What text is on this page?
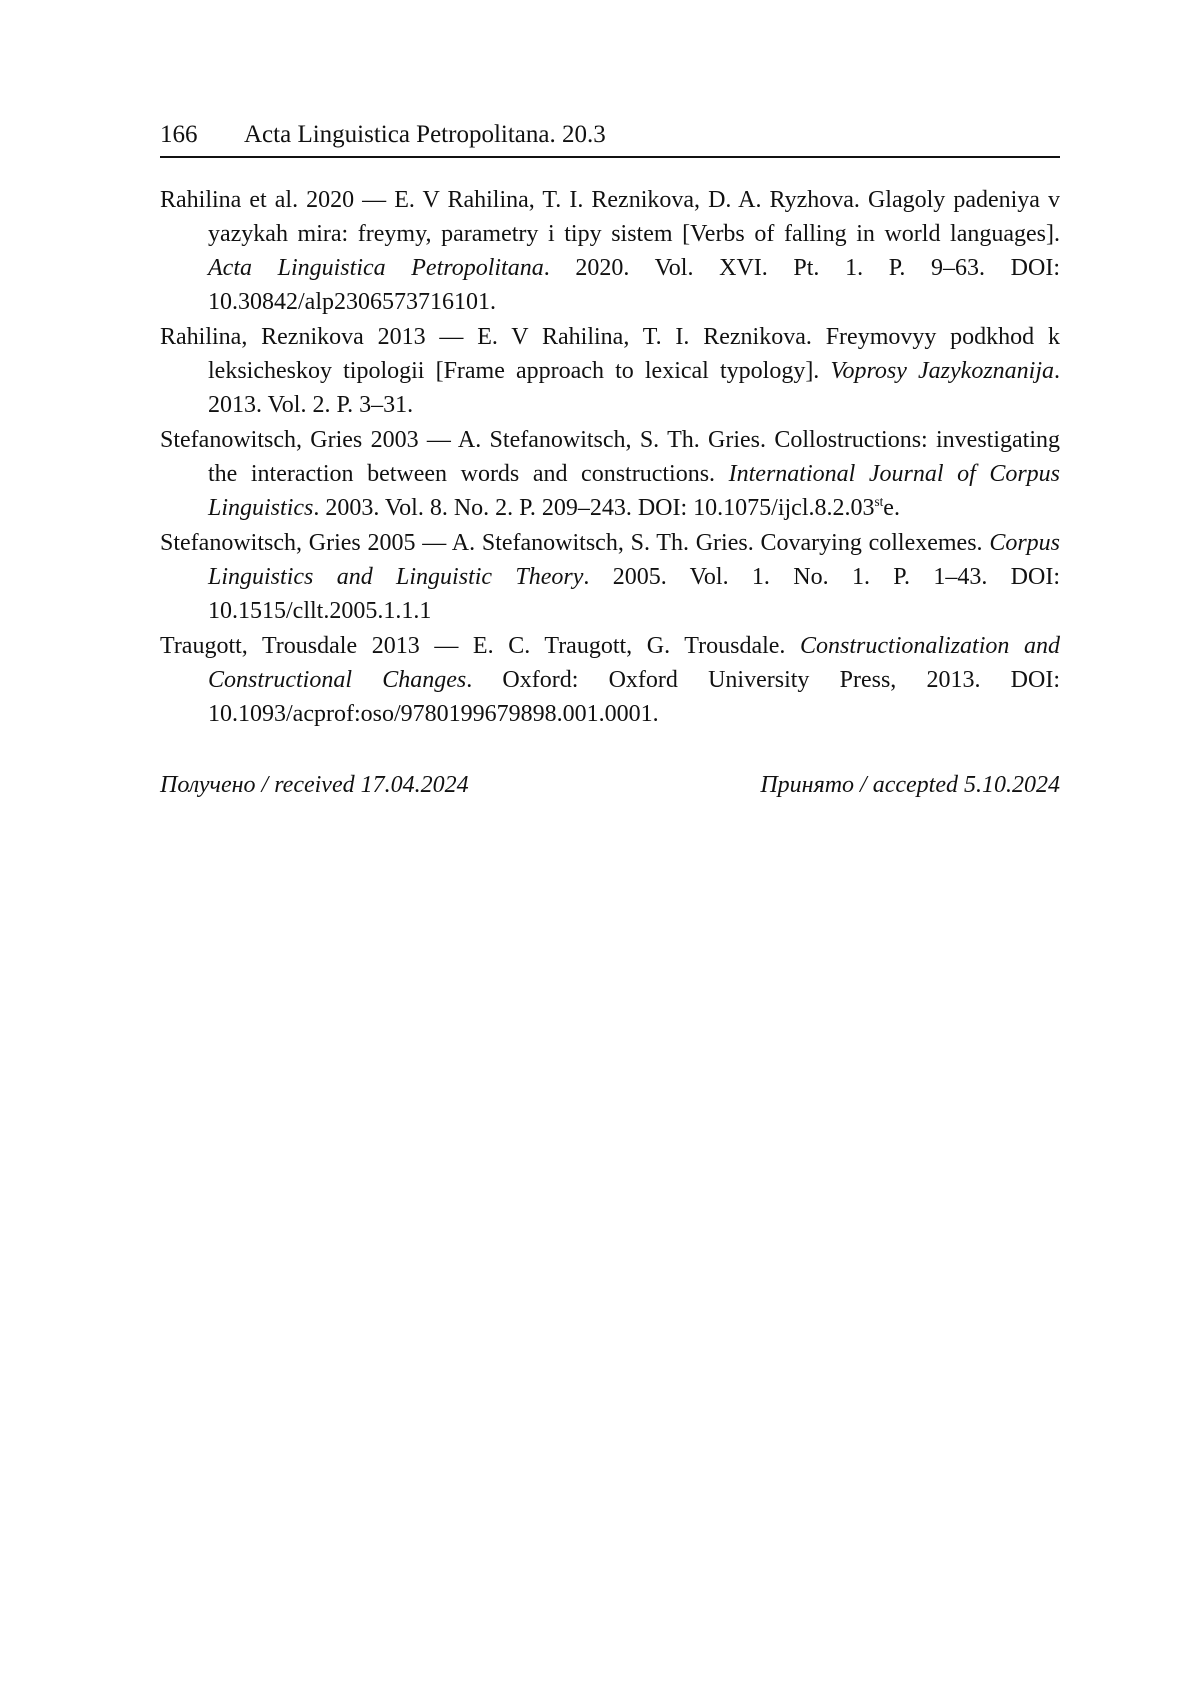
166 Acta Linguistica Petropolitana. 20.3

Rahilina et al. 2020 — E. V Rahilina, T. I. Reznikova, D. A. Ryzhova. Glagoly padeniya v yazykah mira: freymy, parametry i tipy sistem [Verbs of falling in world languages]. Acta Linguistica Petropolitana. 2020. Vol. XVI. Pt. 1. P. 9–63. DOI: 10.30842/alp2306573716101.

Rahilina, Reznikova 2013 — E. V Rahilina, T. I. Reznikova. Freymovyy podkhod k leksicheskoy tipologii [Frame approach to lexical typology]. Voprosy Jazykoznanija. 2013. Vol. 2. P. 3–31.

Stefanowitsch, Gries 2003 — A. Stefanowitsch, S. Th. Gries. Collostructions: investigating the interaction between words and constructions. International Journal of Corpus Linguistics. 2003. Vol. 8. No. 2. P. 209–243. DOI: 10.1075/ijcl.8.2.03ste.

Stefanowitsch, Gries 2005 — A. Stefanowitsch, S. Th. Gries. Covarying collexemes. Corpus Linguistics and Linguistic Theory. 2005. Vol. 1. No. 1. P. 1–43. DOI: 10.1515/cllt.2005.1.1.1

Traugott, Trousdale 2013 — E. C. Traugott, G. Trousdale. Constructionalization and Constructional Changes. Oxford: Oxford University Press, 2013. DOI: 10.1093/acprof:oso/9780199679898.001.0001.

Получено / received 17.04.2024	Принято / accepted 5.10.2024
